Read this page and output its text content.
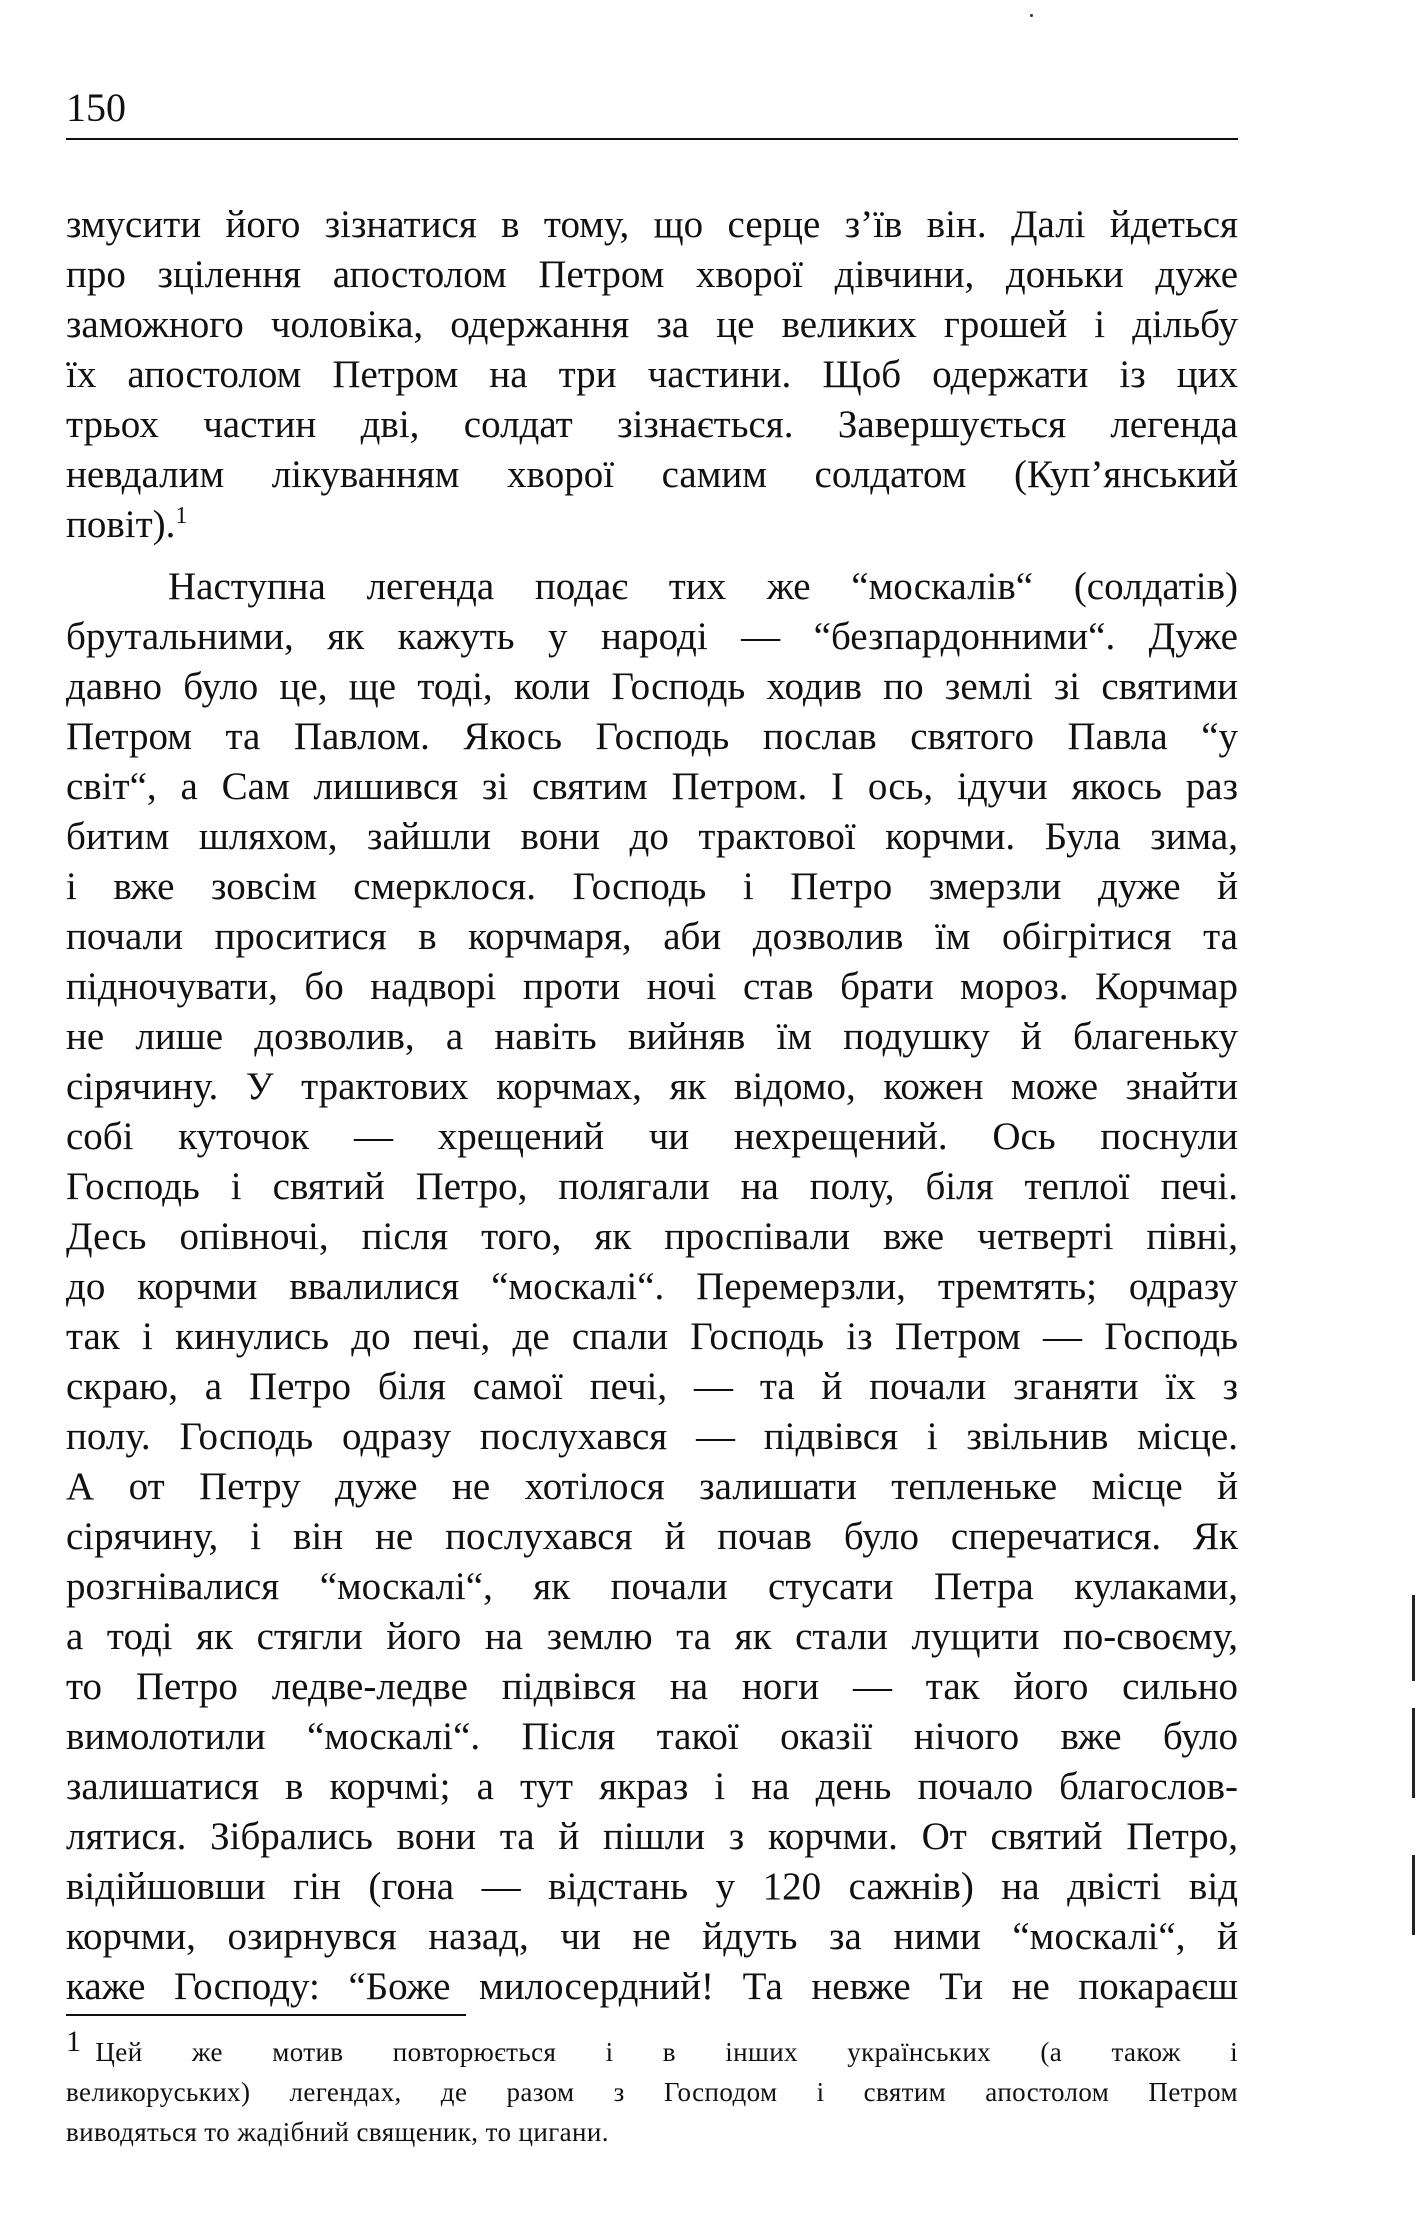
150
змусити його зізнатися в тому, що серце з’їв він. Далі йдеться
про зцілення апостолом Петром хворої дівчини, доньки дуже
заможного чоловіка, одержання за це великих грошей і дільбу
їх апостолом Петром на три частини. Щоб одержати із цих
трьох частин дві, солдат зізнається. Завершується легенда
невдалим лікуванням хворої самим солдатом (Куп’янський
повіт).$^1$
Наступна легенда подає тих же “москалів“ (солдатів)
брутальними, як кажуть у народі — “безпардонними“. Дуже
давно було це, ще тоді, коли Господь ходив по землі зі святими
Петром та Павлом. Якось Господь послав святого Павла “у
світ“, а Сам лишився зі святим Петром. І ось, ідучи якось раз
битим шляхом, зайшли вони до трактової корчми. Була зима,
і вже зовсім смерклося. Господь і Петро змерзли дуже й
почали проситися в корчмаря, аби дозволив їм обігрітися та
підночувати, бо надворі проти ночі став брати мороз. Корчмар
не лише дозволив, а навіть вийняв їм подушку й благеньку
сірячину. У трактових корчмах, як відомо, кожен може знайти
собі куточок — хрещений чи нехрещений. Ось поснули
Господь і святий Петро, полягали на полу, біля теплої печі.
Десь опівночі, після того, як проспівали вже четверті півні,
до корчми ввалилися “москалі“. Перемерзли, тремтять; одразу
так і кинулись до печі, де спали Господь із Петром — Господь
скраю, а Петро біля самої печі, — та й почали зганяти їх з
полу. Господь одразу послухався — підвівся і звільнив місце.
А от Петру дуже не хотілося залишати тепленьке місце й
сірячину, і він не послухався й почав було сперечатися. Як
розгнівалися “москалі“, як почали стусати Петра кулаками,
а тоді як стягли його на землю та як стали лущити по-своєму,
то Петро ледве-ледве підвівся на ноги — так його сильно
вимолотили “москалі“. Після такої оказії нічого вже було
залишатися в корчмі; а тут якраз і на день почало благослов-
лятися. Зібрались вони та й пішли з корчми. От святий Петро,
відійшовши гін (гона — відстань у 120 сажнів) на двісті від
корчми, озирнувся назад, чи не йдуть за ними “москалі“, й
каже Господу: “Боже милосердний! Та невже Ти не покараєш
1 Цей же мотив повторюється і в інших українських (а також і
великоруських) легендах, де разом з Господом і святим апостолом Петром
виводяться то жадібний священик, то цигани.
